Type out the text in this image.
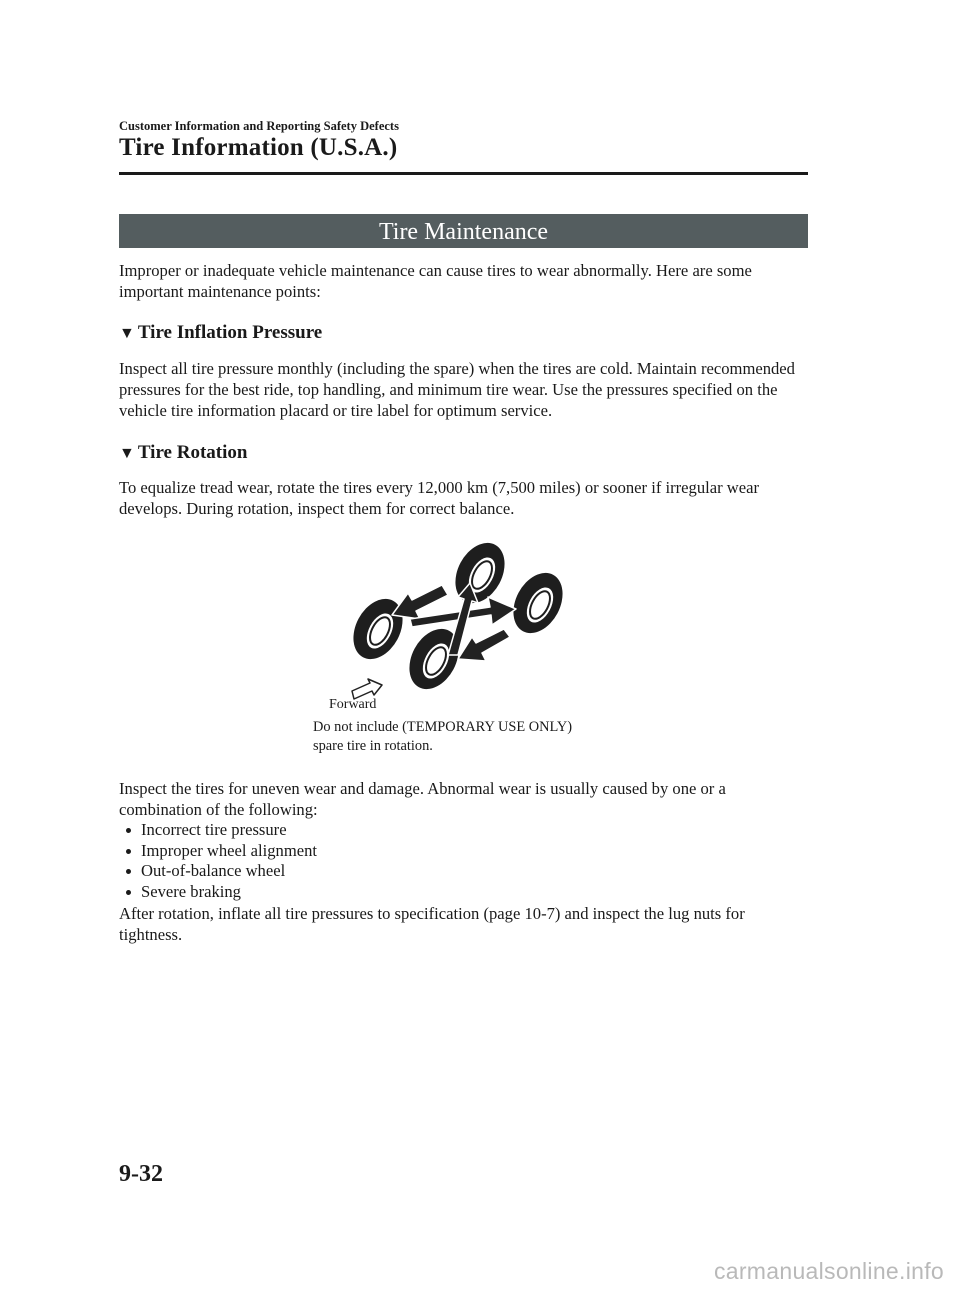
Customer Information and Reporting Safety Defects
Tire Information (U.S.A.)
Tire Maintenance

Improper or inadequate vehicle maintenance can cause tires to wear abnormally. Here are some important maintenance points:

▼ Tire Inflation Pressure

Inspect all tire pressure monthly (including the spare) when the tires are cold. Maintain recommended pressures for the best ride, top handling, and minimum tire wear. Use the pressures specified on the vehicle tire information placard or tire label for optimum service.

▼ Tire Rotation

To equalize tread wear, rotate the tires every 12,000 km (7,500 miles) or sooner if irregular wear develops. During rotation, inspect them for correct balance.

Forward

Do not include (TEMPORARY USE ONLY)
spare tire in rotation.

Inspect the tires for uneven wear and damage. Abnormal wear is usually caused by one or a combination of the following:

Incorrect tire pressure
Improper wheel alignment
Out-of-balance wheel
Severe braking

After rotation, inflate all tire pressures to specification (page 10-7) and inspect the lug nuts for tightness.

9-32
carmanualsonline.info
